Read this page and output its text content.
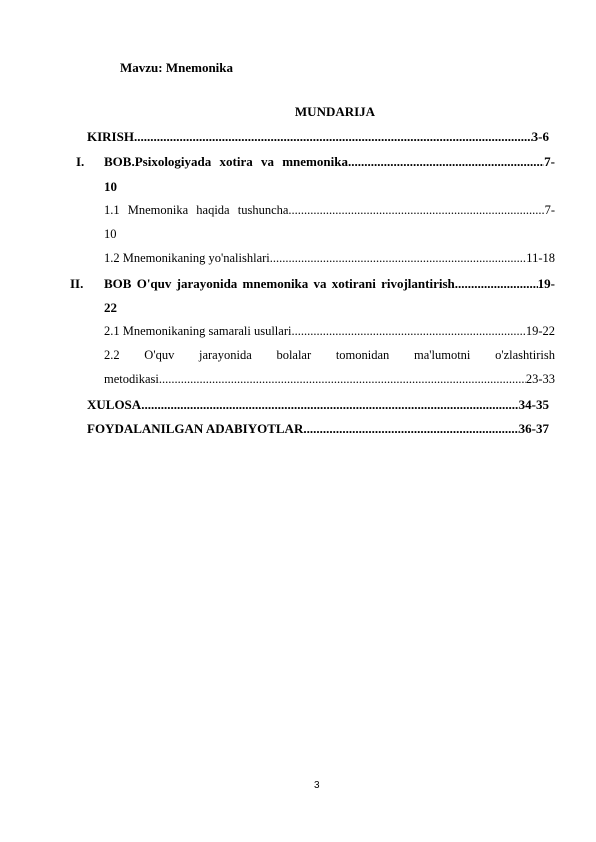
Mavzu: Mnemonika
MUNDARIJA
KIRISH .....	3-6
I. BOB.Psixologiyada xotira va mnemonika .....	7-
10
1.1 Mnemonika haqida tushuncha .....	7-
10
1.2 Mnemonikaning yo'nalishlari .....	11-18
II. BOB O'quv jarayonida mnemonika va xotirani rivojlantirish .....	19-
22
2.1 Mnemonikaning samarali usullari .....	19-22
2.2 O'quv jarayonida bolalar tomonidan ma'lumotni o'zlashtirish
metodikasi .....	23-33
XULOSA .....	34-35
FOYDALANILGAN ADABIYOTLAR .....	36-37
3
